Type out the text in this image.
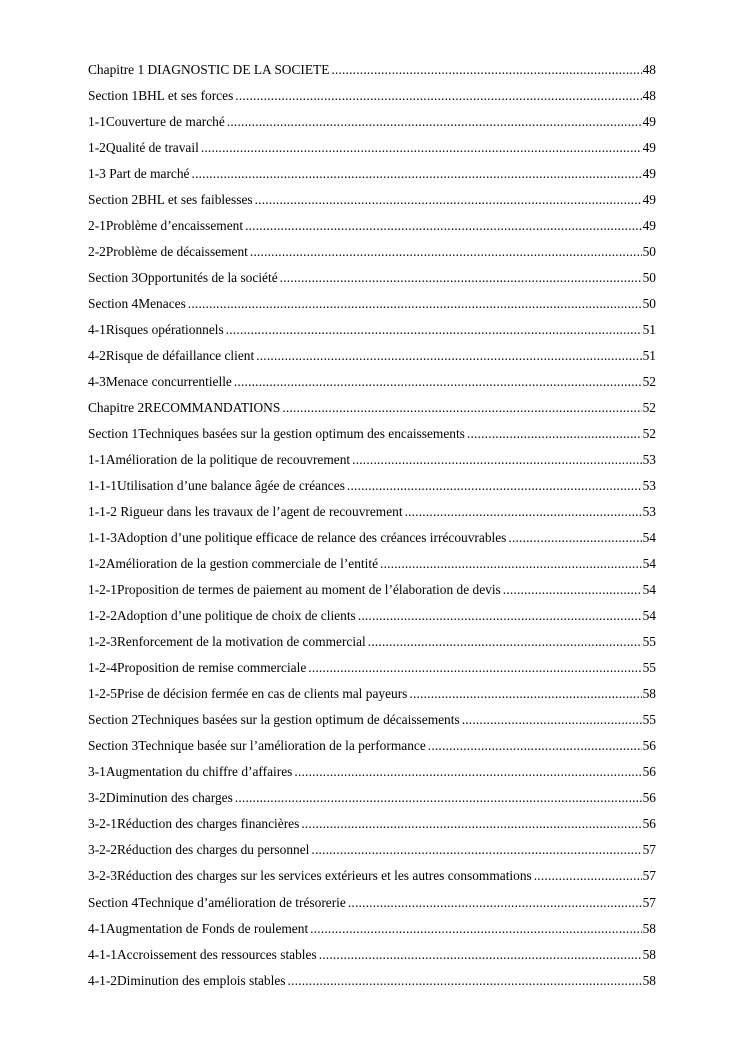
Chapitre 1 DIAGNOSTIC DE LA SOCIETE .....	48
Section 1BHL et ses forces .....	48
1-1Couverture de marché .....	49
1-2Qualité de travail .....	49
1-3 Part de marché .....	49
Section 2BHL et ses faiblesses .....	49
2-1Problème d’encaissement .....	49
2-2Problème de décaissement .....	50
Section 3Opportunités de la société .....	50
Section 4Menaces .....	50
4-1Risques opérationnels .....	51
4-2Risque de défaillance client .....	51
4-3Menace concurrentielle .....	52
Chapitre 2RECOMMANDATIONS .....	52
Section 1Techniques basées sur la gestion optimum des encaissements .....	52
1-1Amélioration de la politique de recouvrement .....	53
1-1-1Utilisation d’une balance âgée de créances .....	53
1-1-2 Rigueur dans les travaux de l’agent de recouvrement .....	53
1-1-3Adoption d’une politique efficace de relance des créances irrécouvrables .....	54
1-2Amélioration de la gestion commerciale de l’entité .....	54
1-2-1Proposition de termes de paiement au moment de l’élaboration de devis .....	54
1-2-2Adoption d’une politique de choix de clients .....	54
1-2-3Renforcement de la motivation de commercial .....	55
1-2-4Proposition de remise commerciale .....	55
1-2-5Prise de décision fermée en cas de clients mal payeurs .....	58
Section 2Techniques basées sur la gestion optimum de décaissements .....	55
Section 3Technique basée sur l’amélioration de la performance .....	56
3-1Augmentation du chiffre d’affaires .....	56
3-2Diminution des charges .....	56
3-2-1Réduction des charges financières .....	56
3-2-2Réduction des charges du personnel .....	57
3-2-3Réduction des charges sur les services extérieurs et les autres consommations .....	57
Section 4Technique d’amélioration de trésorerie .....	57
4-1Augmentation de Fonds de roulement .....	58
4-1-1Accroissement des ressources stables .....	58
4-1-2Diminution des emplois stables .....	58
